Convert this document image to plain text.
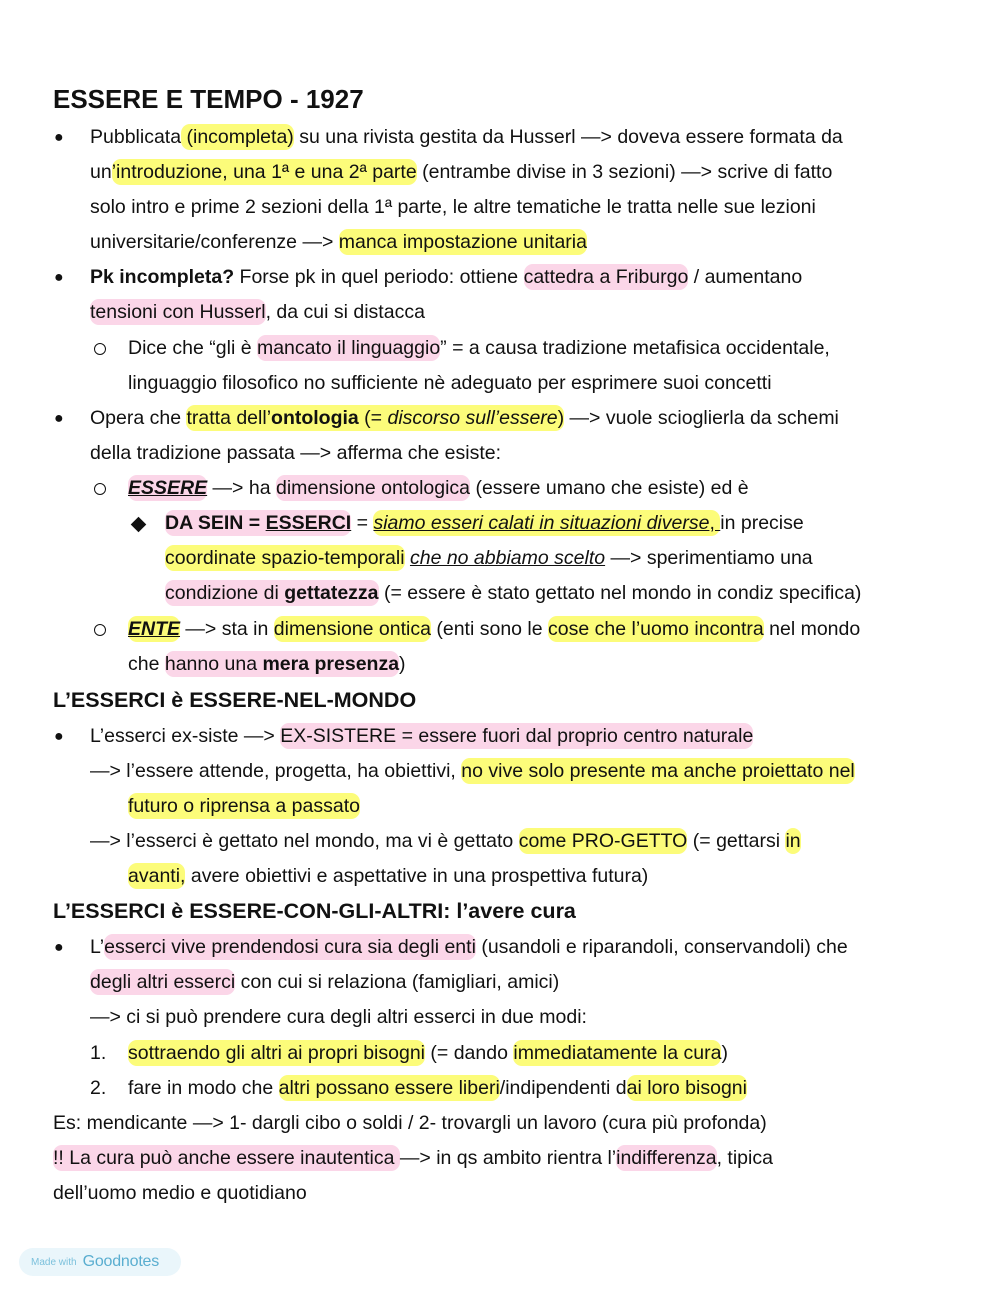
ESSERE E TEMPO - 1927
● Pubblicata (incompleta) su una rivista gestita da Husserl —> doveva essere formata da
un’introduzione, una 1ª e una 2ª parte (entrambe divise in 3 sezioni) —> scrive di fatto
solo intro e prime 2 sezioni della 1ª parte, le altre tematiche le tratta nelle sue lezioni
universitarie/conferenze —> manca impostazione unitaria
● Pk incompleta? Forse pk in quel periodo: ottiene cattedra a Friburgo / aumentano
tensioni con Husserl, da cui si distacca
Dice che “gli è mancato il linguaggio” = a causa tradizione metafisica occidentale,
linguaggio filosofico no sufficiente nè adeguato per esprimere suoi concetti
● Opera che tratta dell’ontologia (= discorso sull’essere) —> vuole scioglierla da schemi
della tradizione passata —> afferma che esiste:
ESSERE —> ha dimensione ontologica (essere umano che esiste) ed è
DA SEIN = ESSERCI = siamo esseri calati in situazioni diverse, in precise
coordinate spazio-temporali che no abbiamo scelto —> sperimentiamo una
condizione di gettatezza (= essere è stato gettato nel mondo in condiz specifica)
ENTE —> sta in dimensione ontica (enti sono le cose che l’uomo incontra nel mondo
che hanno una mera presenza)
L’ESSERCI è ESSERE-NEL-MONDO
● L’esserci ex-siste —> EX-SISTERE = essere fuori dal proprio centro naturale
—> l’essere attende, progetta, ha obiettivi, no vive solo presente ma anche proiettato nel
futuro o riprensa a passato
—> l’esserci è gettato nel mondo, ma vi è gettato come PRO-GETTO (= gettarsi in
avanti, avere obiettivi e aspettative in una prospettiva futura)
L’ESSERCI è ESSERE-CON-GLI-ALTRI: l’avere cura
● L’esserci vive prendendosi cura sia degli enti (usandoli e riparandoli, conservandoli) che
degli altri esserci con cui si relaziona (famigliari, amici)
—> ci si può prendere cura degli altri esserci in due modi:
1. sottraendo gli altri ai propri bisogni (= dando immediatamente la cura)
2. fare in modo che altri possano essere liberi/indipendenti dai loro bisogni
Es: mendicante —> 1- dargli cibo o soldi / 2- trovargli un lavoro (cura più profonda)
!! La cura può anche essere inautentica —> in qs ambito rientra l’indifferenza, tipica
dell’uomo medio e quotidiano
Made with Goodnotes
